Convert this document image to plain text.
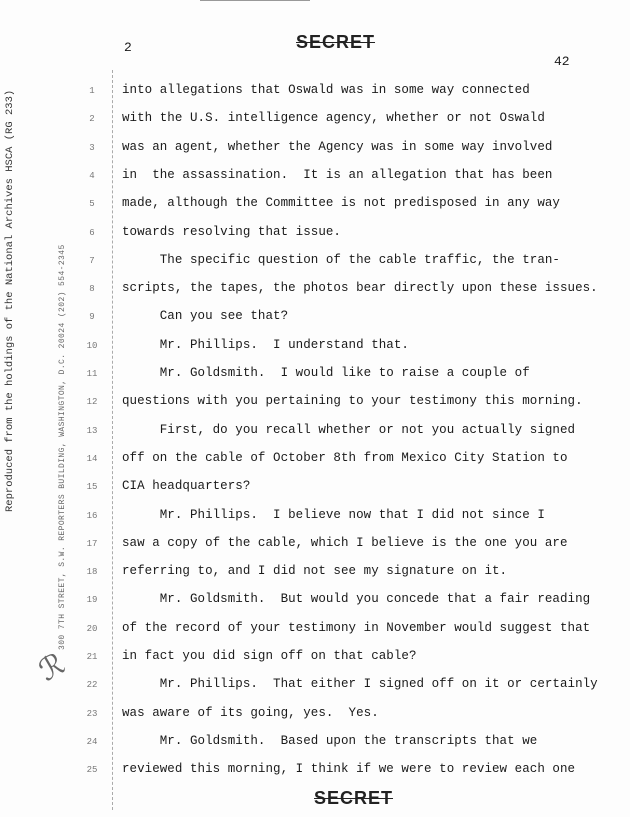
2	SECRET
42
Reproduced from the holdings of the National Archives HSCA (RG 233)	300 7TH STREET, S.W. REPORTERS BUILDING, WASHINGTON, D.C. 20024 (202) 554-2345
ℛ
1	into allegations that Oswald was in some way connected
2	with the U.S. intelligence agency, whether or not Oswald
3	was an agent, whether the Agency was in some way involved
4	in  the assassination.  It is an allegation that has been
5	made, although the Committee is not predisposed in any way
6	towards resolving that issue.
7	The specific question of the cable traffic, the tran-
8	scripts, the tapes, the photos bear directly upon these issues.
9	Can you see that?
10 Mr. Phillips.  I understand that.
11 Mr. Goldsmith.  I would like to raise a couple of
12 questions with you pertaining to your testimony this morning.
13 First, do you recall whether or not you actually signed
14 off on the cable of October 8th from Mexico City Station to
15 CIA headquarters?
16 Mr. Phillips.  I believe now that I did not since I
17 saw a copy of the cable, which I believe is the one you are
18 referring to, and I did not see my signature on it.
19 Mr. Goldsmith.  But would you concede that a fair reading
20 of the record of your testimony in November would suggest that
21 in fact you did sign off on that cable?
22 Mr. Phillips.  That either I signed off on it or certainly
23 was aware of its going, yes.  Yes.
24 Mr. Goldsmith.  Based upon the transcripts that we
25 reviewed this morning, I think if we were to review each one
SECRET
